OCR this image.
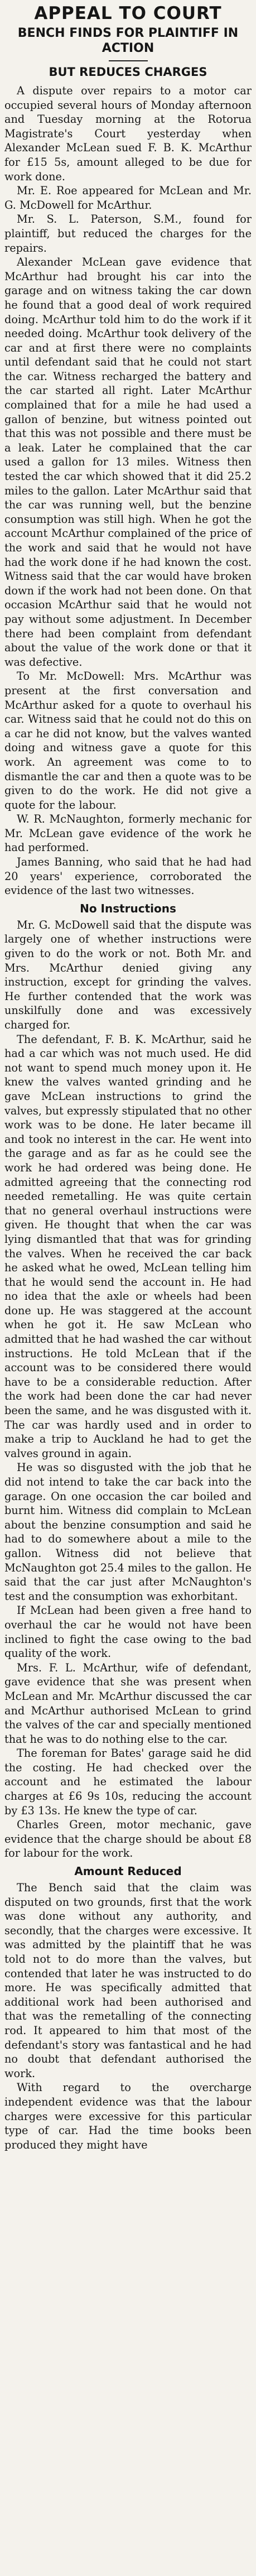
APPEAL TO COURT
BENCH FINDS FOR PLAINTIFF IN ACTION
BUT REDUCES CHARGES

A dispute over repairs to a motor car occupied several hours of Monday afternoon and Tuesday morning at the Rotorua Magistrate's Court yesterday when Alexander McLean sued F. B. K. McArthur for £15 5s, amount alleged to be due for work done.

Mr. E. Roe appeared for McLean and Mr. G. McDowell for McArthur.

Mr. S. L. Paterson, S.M., found for plaintiff, but reduced the charges for the repairs.

Alexander McLean gave evidence that McArthur had brought his car into the garage and on witness taking the car down he found that a good deal of work required doing. McArthur told him to do the work if it needed doing. McArthur took delivery of the car and at first there were no complaints until defendant said that he could not start the car. Witness recharged the battery and the car started all right. Later McArthur complained that for a mile he had used a gallon of benzine, but witness pointed out that this was not possible and there must be a leak. Later he complained that the car used a gallon for 13 miles. Witness then tested the car which showed that it did 25.2 miles to the gallon. Later McArthur said that the car was running well, but the benzine consumption was still high. When he got the account McArthur complained of the price of the work and said that he would not have had the work done if he had known the cost. Witness said that the car would have broken down if the work had not been done. On that occasion McArthur said that he would not pay without some adjustment. In December there had been complaint from defendant about the value of the work done or that it was defective.

To Mr. McDowell: Mrs. McArthur was present at the first conversation and McArthur asked for a quote to overhaul his car. Witness said that he could not do this on a car he did not know, but the valves wanted doing and witness gave a quote for this work. An agreement was come to to dismantle the car and then a quote was to be given to do the work. He did not give a quote for the labour.

W. R. McNaughton, formerly mechanic for Mr. McLean gave evidence of the work he had performed.

James Banning, who said that he had had 20 years' experience, corroborated the evidence of the last two witnesses.

No Instructions

Mr. G. McDowell said that the dispute was largely one of whether instructions were given to do the work or not. Both Mr. and Mrs. McArthur denied giving any instruction, except for grinding the valves. He further contended that the work was unskilfully done and was excessively charged for.

The defendant, F. B. K. McArthur, said he had a car which was not much used. He did not want to spend much money upon it. He knew the valves wanted grinding and he gave McLean instructions to grind the valves, but expressly stipulated that no other work was to be done. He later became ill and took no interest in the car. He went into the garage and as far as he could see the work he had ordered was being done. He admitted agreeing that the connecting rod needed remetalling. He was quite certain that no general overhaul instructions were given. He thought that when the car was lying dismantled that that was for grinding the valves. When he received the car back he asked what he owed, McLean telling him that he would send the account in. He had no idea that the axle or wheels had been done up. He was staggered at the account when he got it. He saw McLean who admitted that he had washed the car without instructions. He told McLean that if the account was to be considered there would have to be a considerable reduction. After the work had been done the car had never been the same, and he was disgusted with it. The car was hardly used and in order to make a trip to Auckland he had to get the valves ground in again.

He was so disgusted with the job that he did not intend to take the car back into the garage. On one occasion the car boiled and burnt him. Witness did complain to McLean about the benzine consumption and said he had to do somewhere about a mile to the gallon. Witness did not believe that McNaughton got 25.4 miles to the gallon. He said that the car just after McNaughton's test and the consumption was exhorbitant.

If McLean had been given a free hand to overhaul the car he would not have been inclined to fight the case owing to the bad quality of the work.

Mrs. F. L. McArthur, wife of defendant, gave evidence that she was present when McLean and Mr. McArthur discussed the car and McArthur authorised McLean to grind the valves of the car and specially mentioned that he was to do nothing else to the car.

The foreman for Bates' garage said he did the costing. He had checked over the account and he estimated the labour charges at £6 9s 10s, reducing the account by £3 13s. He knew the type of car.

Charles Green, motor mechanic, gave evidence that the charge should be about £8 for labour for the work.

Amount Reduced

The Bench said that the claim was disputed on two grounds, first that the work was done without any authority, and secondly, that the charges were excessive. It was admitted by the plaintiff that he was told not to do more than the valves, but contended that later he was instructed to do more. He was specifically admitted that additional work had been authorised and that was the remetalling of the connecting rod. It appeared to him that most of the defendant's story was fantastical and he had no doubt that defendant authorised the work.

With regard to the overcharge independent evidence was that the labour charges were excessive for this particular type of car. Had the time books been produced they might have
